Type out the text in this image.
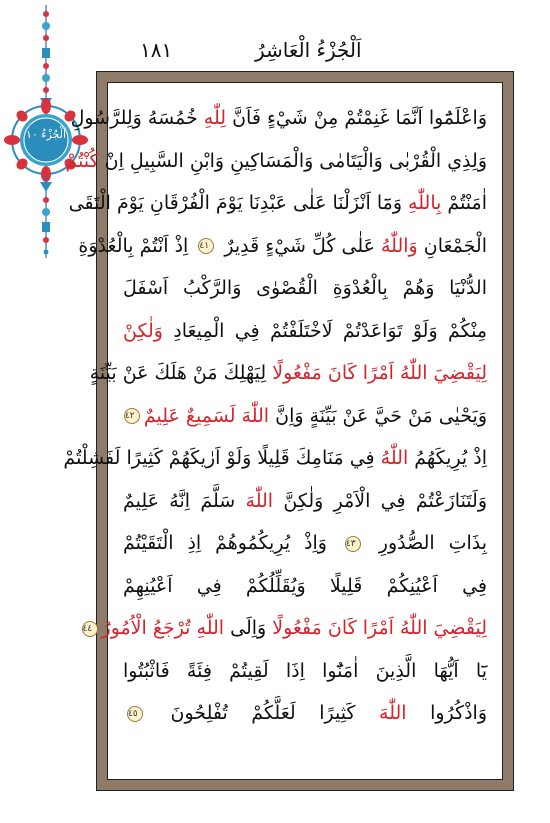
١٨١	اَلْجُزْءُ الْعَاشِرُ
اَلْجُزْءُ ١٠
وَاعْلَمُٓوا اَنَّمَا غَنِمْتُمْ مِنْ شَيْءٍ فَاَنَّ لِلّٰهِ خُمُسَهُ وَلِلرَّسُولِ
وَلِذِي الْقُرْبٰى وَالْيَتَامٰى وَالْمَسَاكِينِ وَابْنِ السَّبِيلِ اِنْ كُنْتُمْ
اٰمَنْتُمْ بِاللّٰهِ وَمَٓا اَنْزَلْنَا عَلٰى عَبْدِنَا يَوْمَ الْفُرْقَانِ يَوْمَ الْتَقَى
الْجَمْعَانِ وَاللّٰهُ عَلٰى كُلِّ شَيْءٍ قَدِيرٌ ٤١ اِذْ اَنْتُمْ بِالْعُدْوَةِ
الدُّنْيَا وَهُمْ بِالْعُدْوَةِ الْقُصْوٰى وَالرَّكْبُ اَسْفَلَ
مِنْكُمْ وَلَوْ تَوَاعَدْتُمْ لَاخْتَلَفْتُمْ فِي الْمِيعَادِ وَلٰكِنْ
لِيَقْضِيَ اللّٰهُ اَمْرًا كَانَ مَفْعُولًا لِيَهْلِكَ مَنْ هَلَكَ عَنْ بَيِّنَةٍ
وَيَحْيٰى مَنْ حَيَّ عَنْ بَيِّنَةٍ وَاِنَّ اللّٰهَ لَسَمِيعٌ عَلِيمٌ٤٢
اِذْ يُرِيكَهُمُ اللّٰهُ فِي مَنَامِكَ قَلِيلًا وَلَوْ اَرٰيكَهُمْ كَثِيرًا لَفَشِلْتُمْ
وَلَتَنَازَعْتُمْ فِي الْاَمْرِ وَلٰكِنَّ اللّٰهَ سَلَّمَ اِنَّهُ عَلِيمٌ
بِذَاتِ الصُّدُورِ ٤٣ وَاِذْ يُرِيكُمُوهُمْ اِذِ الْتَقَيْتُمْ
فِي اَعْيُنِكُمْ قَلِيلًا وَيُقَلِّلُكُمْ فِي اَعْيُنِهِمْ
لِيَقْضِيَ اللّٰهُ اَمْرًا كَانَ مَفْعُولًا وَاِلَى اللّٰهِ تُرْجَعُ الْاُمُورُ٤٤
يَٓا اَيُّهَا الَّذِينَ اٰمَنُٓوا اِذَا لَقِيتُمْ فِئَةً فَاثْبُتُوا
وَاذْكُرُوا اللّٰهَ كَثِيرًا لَعَلَّكُمْ تُفْلِحُونَ ٤٥
